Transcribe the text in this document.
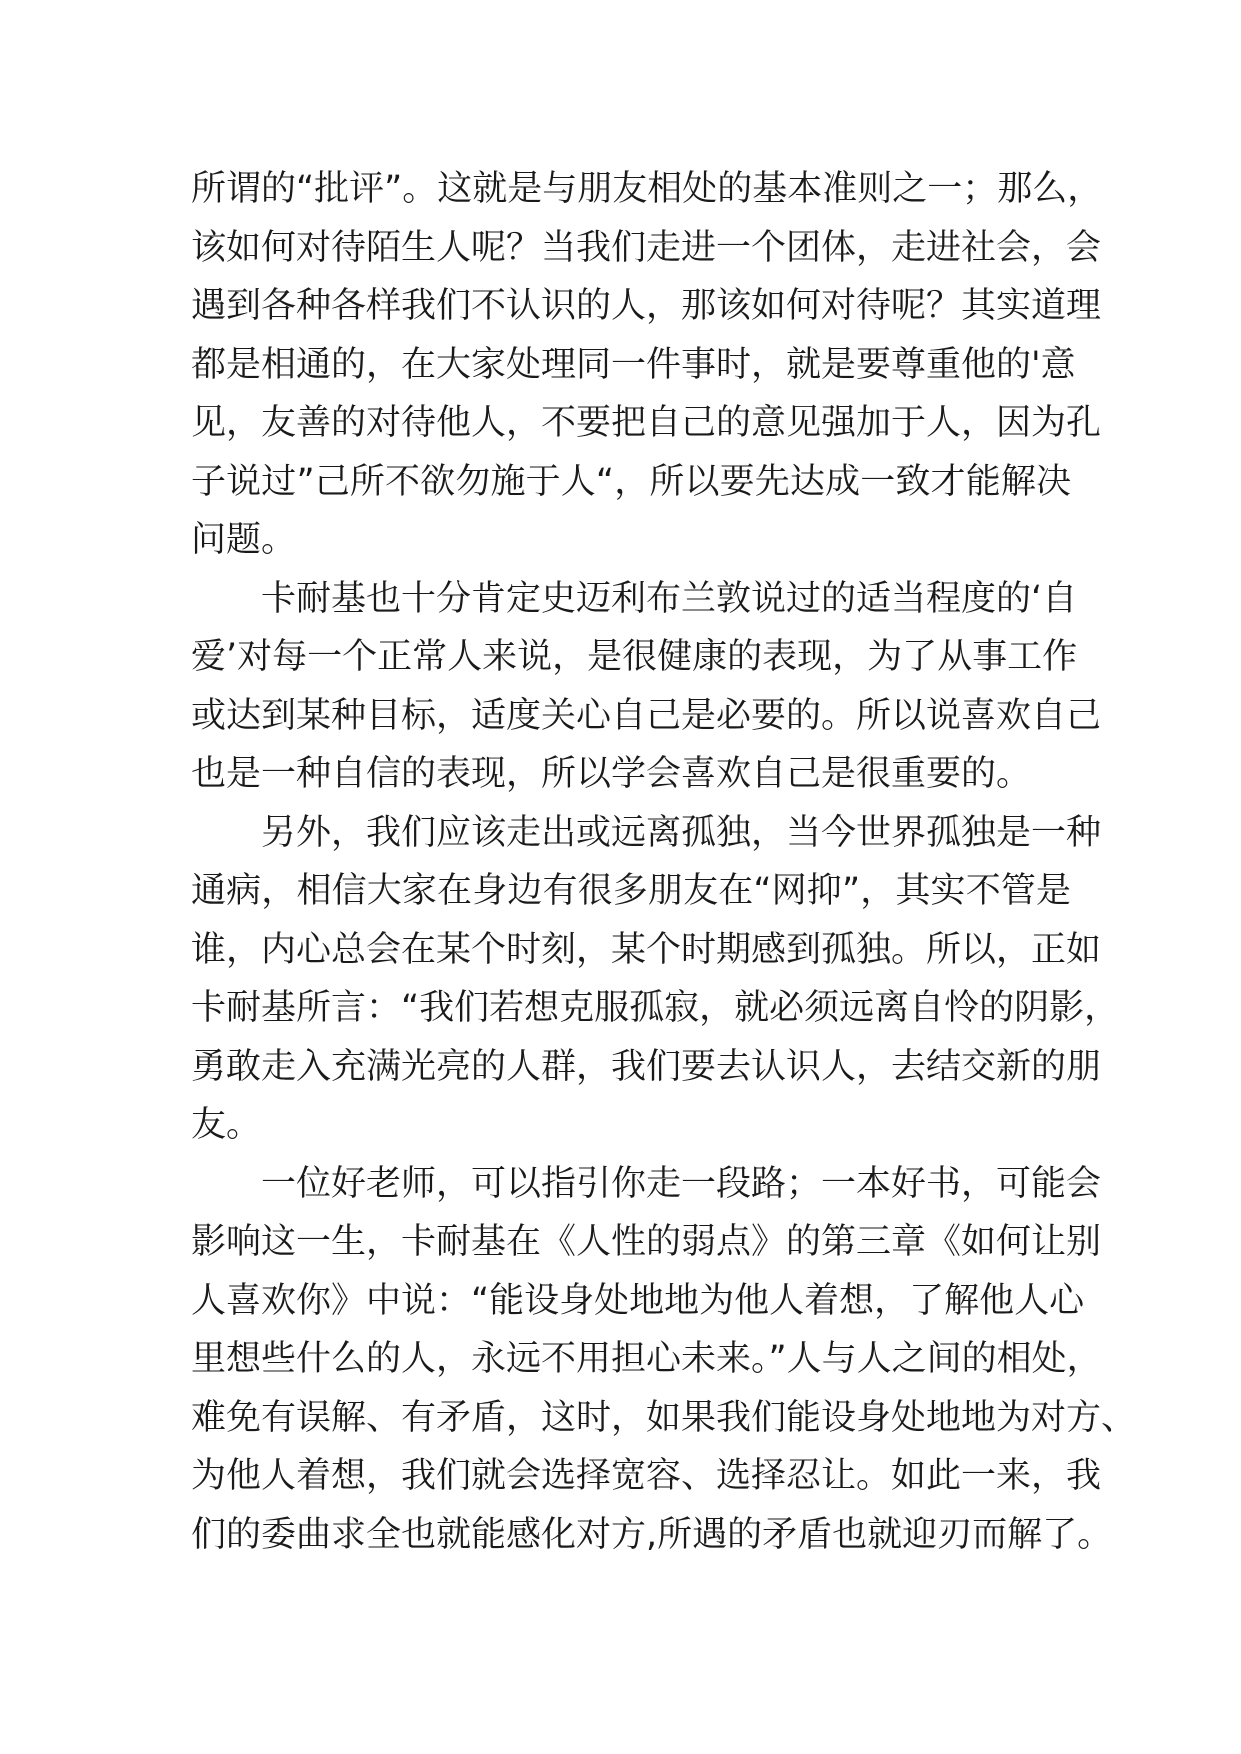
所谓的“批评”。这就是与朋友相处的基本准则之一；那么，
该如何对待陌生人呢？当我们走进一个团体，走进社会，会
遇到各种各样我们不认识的人，那该如何对待呢？其实道理
都是相通的，在大家处理同一件事时，就是要尊重他的'意
见，友善的对待他人，不要把自己的意见强加于人，因为孔
子说过”己所不欲勿施于人“，所以要先达成一致才能解决
问题。
卡耐基也十分肯定史迈利布兰敦说过的适当程度的‘自
爱’对每一个正常人来说，是很健康的表现，为了从事工作
或达到某种目标，适度关心自己是必要的。所以说喜欢自己
也是一种自信的表现，所以学会喜欢自己是很重要的。
另外，我们应该走出或远离孤独，当今世界孤独是一种
通病，相信大家在身边有很多朋友在“网抑”，其实不管是
谁，内心总会在某个时刻，某个时期感到孤独。所以，正如
卡耐基所言：“我们若想克服孤寂，就必须远离自怜的阴影，
勇敢走入充满光亮的人群，我们要去认识人，去结交新的朋
友。
一位好老师，可以指引你走一段路；一本好书，可能会
影响这一生，卡耐基在《人性的弱点》的第三章《如何让别
人喜欢你》中说：“能设身处地地为他人着想，了解他人心
里想些什么的人，永远不用担心未来。”人与人之间的相处，
难免有误解、有矛盾，这时，如果我们能设身处地地为对方、
为他人着想，我们就会选择宽容、选择忍让。如此一来，我
们的委曲求全也就能感化对方,所遇的矛盾也就迎刃而解了。
